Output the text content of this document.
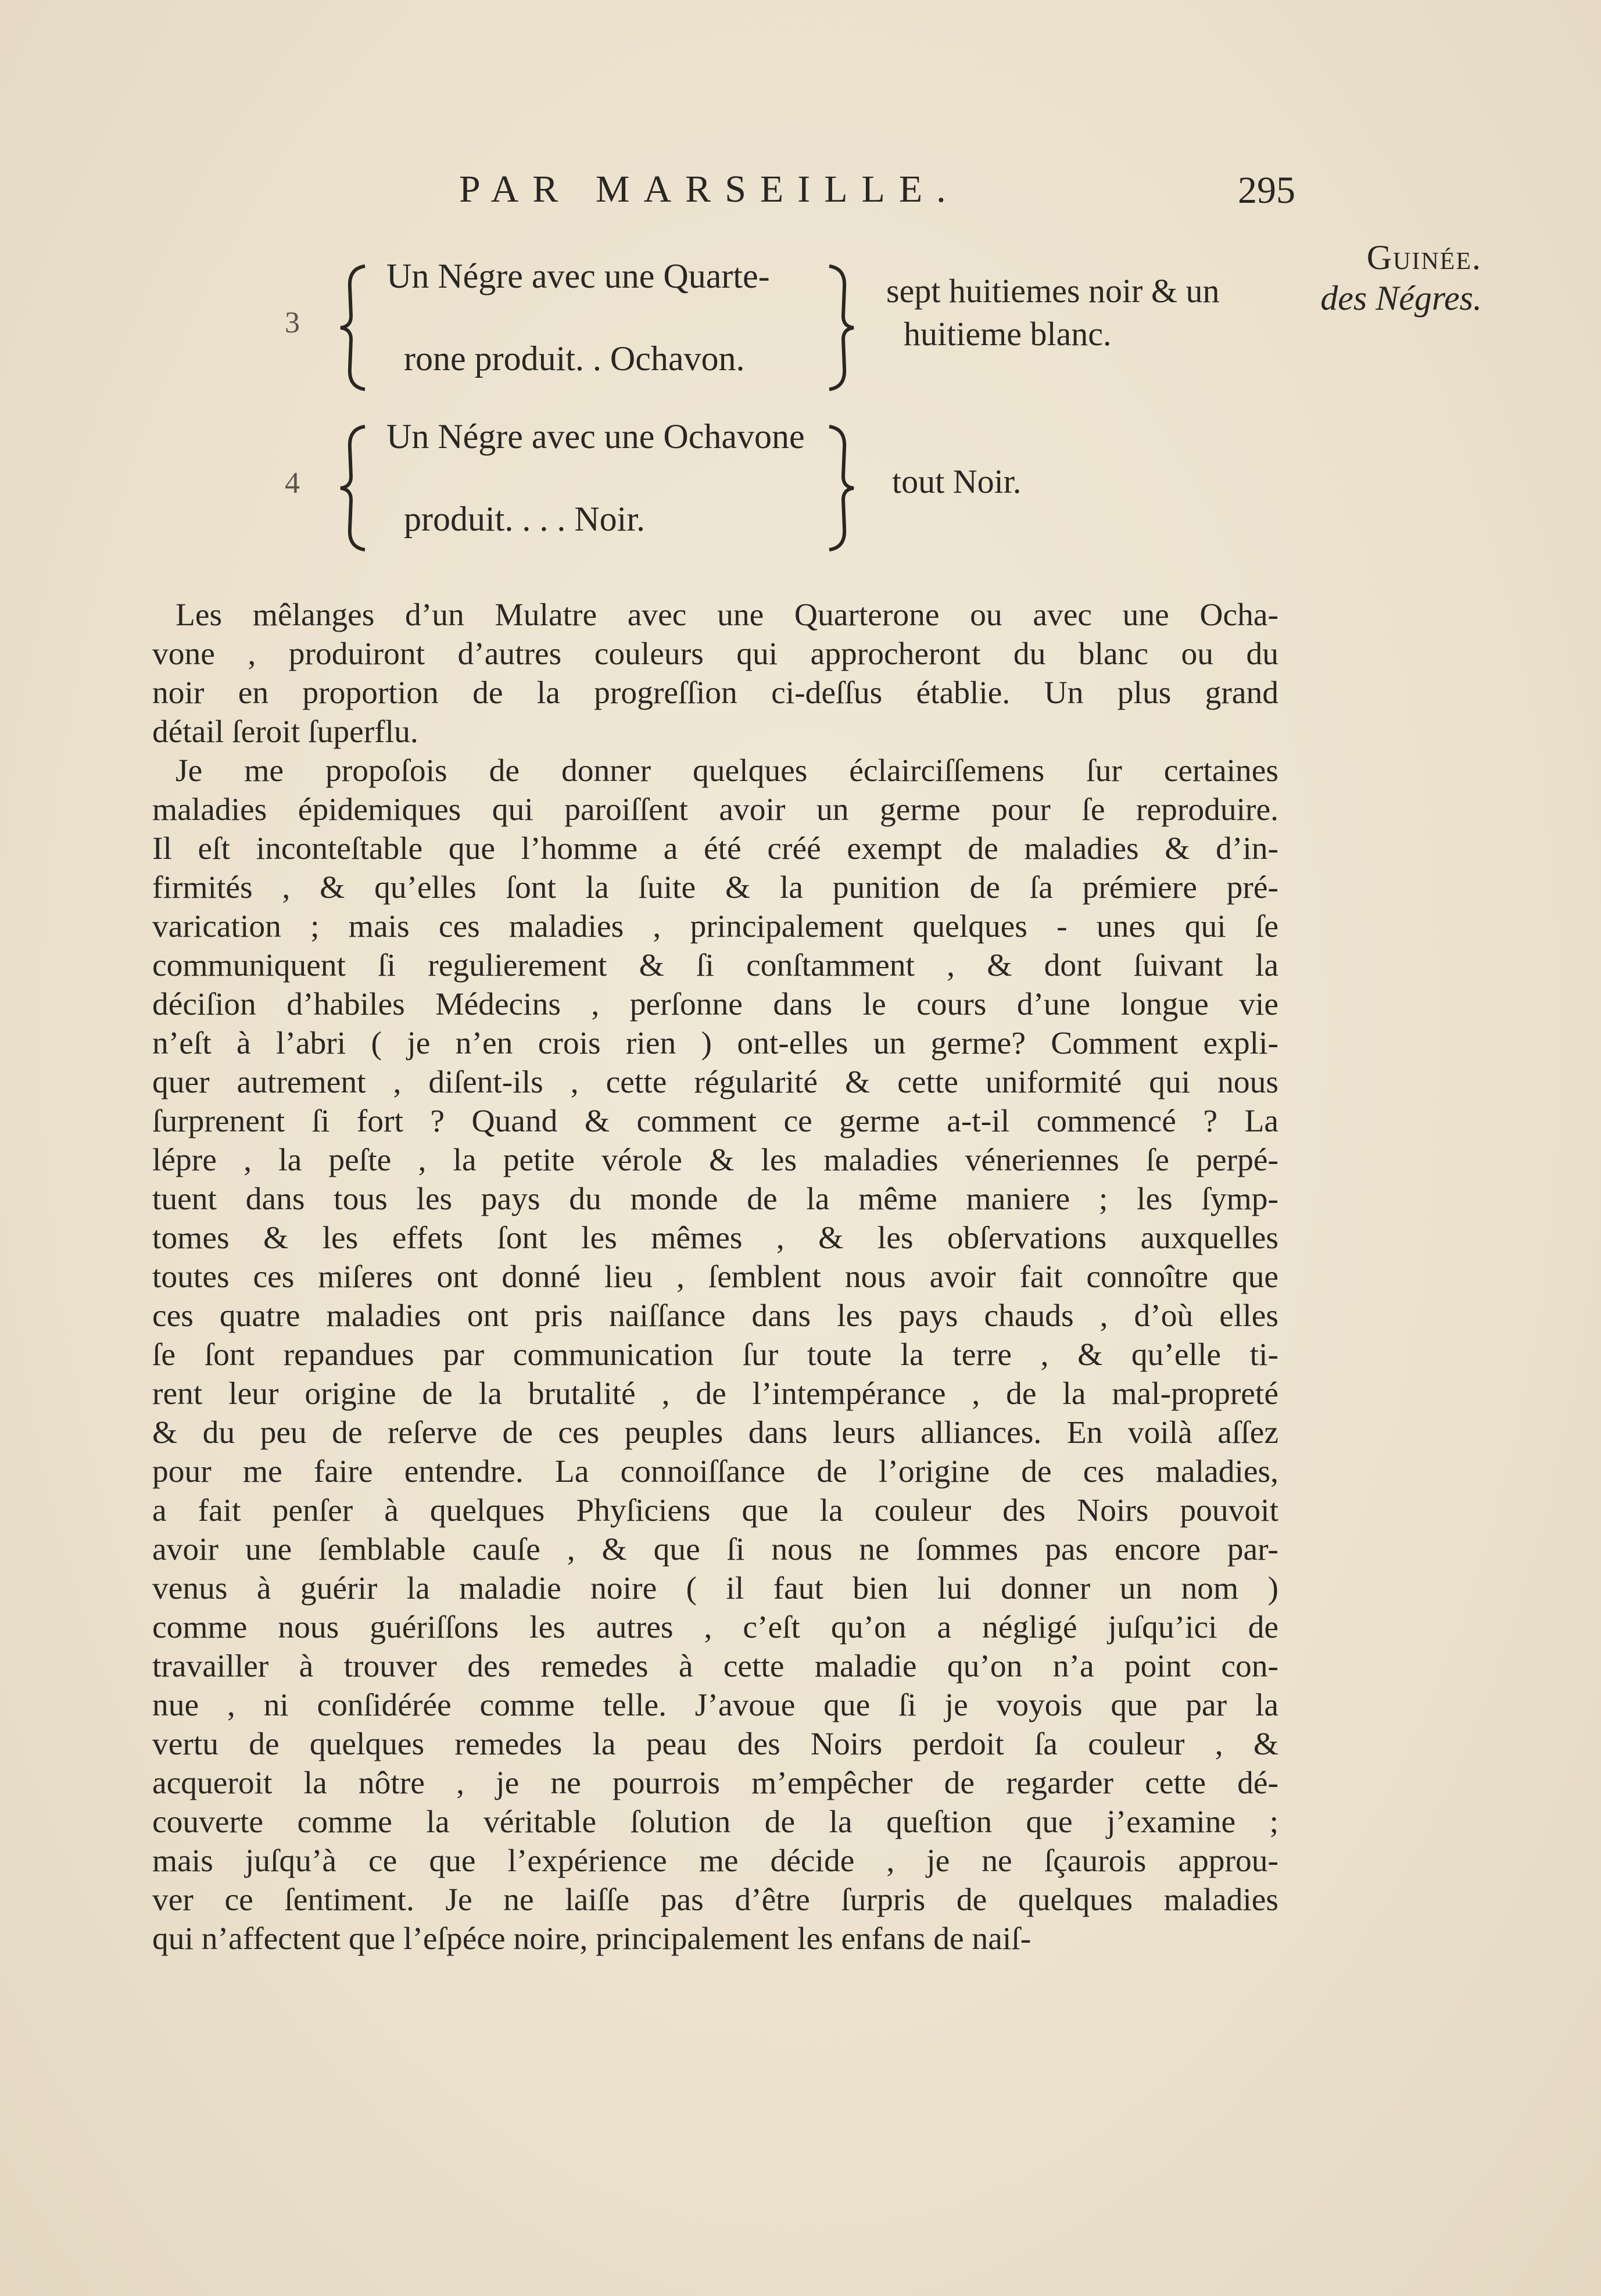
PAR MARSEILLE.	295
Guinée.
des Négres.
3
Un Négre avec une Quarte-
rone produit. . Ochavon.
sept huitiemes noir & un
huitieme blanc.
4
Un Négre avec une Ochavone
produit. . . . Noir.
tout Noir.
Les mêlanges d’un Mulatre avec une Quarterone ou avec une Ocha-
vone , produiront d’autres couleurs qui approcheront du blanc ou du
noir en proportion de la progreſſion ci-deſſus établie. Un plus grand
détail ſeroit ſuperflu.
Je me propoſois de donner quelques éclairciſſemens ſur certaines
maladies épidemiques qui paroiſſent avoir un germe pour ſe reproduire.
Il eſt inconteſtable que l’homme a été créé exempt de maladies & d’in-
firmités , & qu’elles ſont la ſuite & la punition de ſa prémiere pré-
varication ; mais ces maladies , principalement quelques - unes qui ſe
communiquent ſi regulierement & ſi conſtamment , & dont ſuivant la
déciſion d’habiles Médecins , perſonne dans le cours d’une longue vie
n’eſt à l’abri ( je n’en crois rien ) ont-elles un germe? Comment expli-
quer autrement , diſent-ils , cette régularité & cette uniformité qui nous
ſurprenent ſi fort ? Quand & comment ce germe a-t-il commencé ? La
lépre , la peſte , la petite vérole & les maladies véneriennes ſe perpé-
tuent dans tous les pays du monde de la même maniere ; les ſymp-
tomes & les effets ſont les mêmes , & les obſervations auxquelles
toutes ces miſeres ont donné lieu , ſemblent nous avoir fait connoître que
ces quatre maladies ont pris naiſſance dans les pays chauds , d’où elles
ſe ſont repandues par communication ſur toute la terre , & qu’elle ti-
rent leur origine de la brutalité , de l’intempérance , de la mal-propreté
& du peu de reſerve de ces peuples dans leurs alliances. En voilà aſſez
pour me faire entendre. La connoiſſance de l’origine de ces maladies,
a fait penſer à quelques Phyſiciens que la couleur des Noirs pouvoit
avoir une ſemblable cauſe , & que ſi nous ne ſommes pas encore par-
venus à guérir la maladie noire ( il faut bien lui donner un nom )
comme nous guériſſons les autres , c’eſt qu’on a négligé juſqu’ici de
travailler à trouver des remedes à cette maladie qu’on n’a point con-
nue , ni conſidérée comme telle. J’avoue que ſi je voyois que par la
vertu de quelques remedes la peau des Noirs perdoit ſa couleur , &
acqueroit la nôtre , je ne pourrois m’empêcher de regarder cette dé-
couverte comme la véritable ſolution de la queſtion que j’examine ;
mais juſqu’à ce que l’expérience me décide , je ne ſçaurois approu-
ver ce ſentiment. Je ne laiſſe pas d’être ſurpris de quelques maladies
qui n’affectent que l’eſpéce noire, principalement les enfans de naiſ-
